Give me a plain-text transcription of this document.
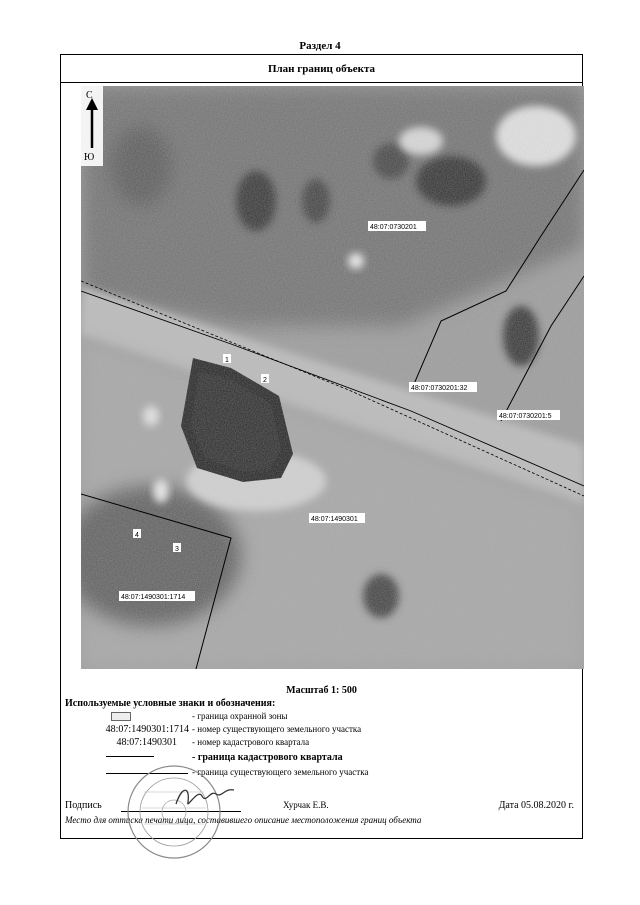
Раздел 4
План границ объекта
С
Ю
48:07:0730201
48:07:0730201:32
48:07:0730201:5
48:07:1490301
48:07:1490301:1714
1
2
3
4
Масштаб 1: 500
Используемые условные знаки и обозначения:
- граница охранной зоны
48:07:1490301:1714 - номер существующего земельного участка
48:07:1490301 - номер кадастрового квартала
- граница кадастрового квартала
- граница существующего земельного участка
Подпись	Хурчак Е.В.	Дата 05.08.2020 г.
Место для оттиска печати лица, составившего описание местоположения границ объекта
